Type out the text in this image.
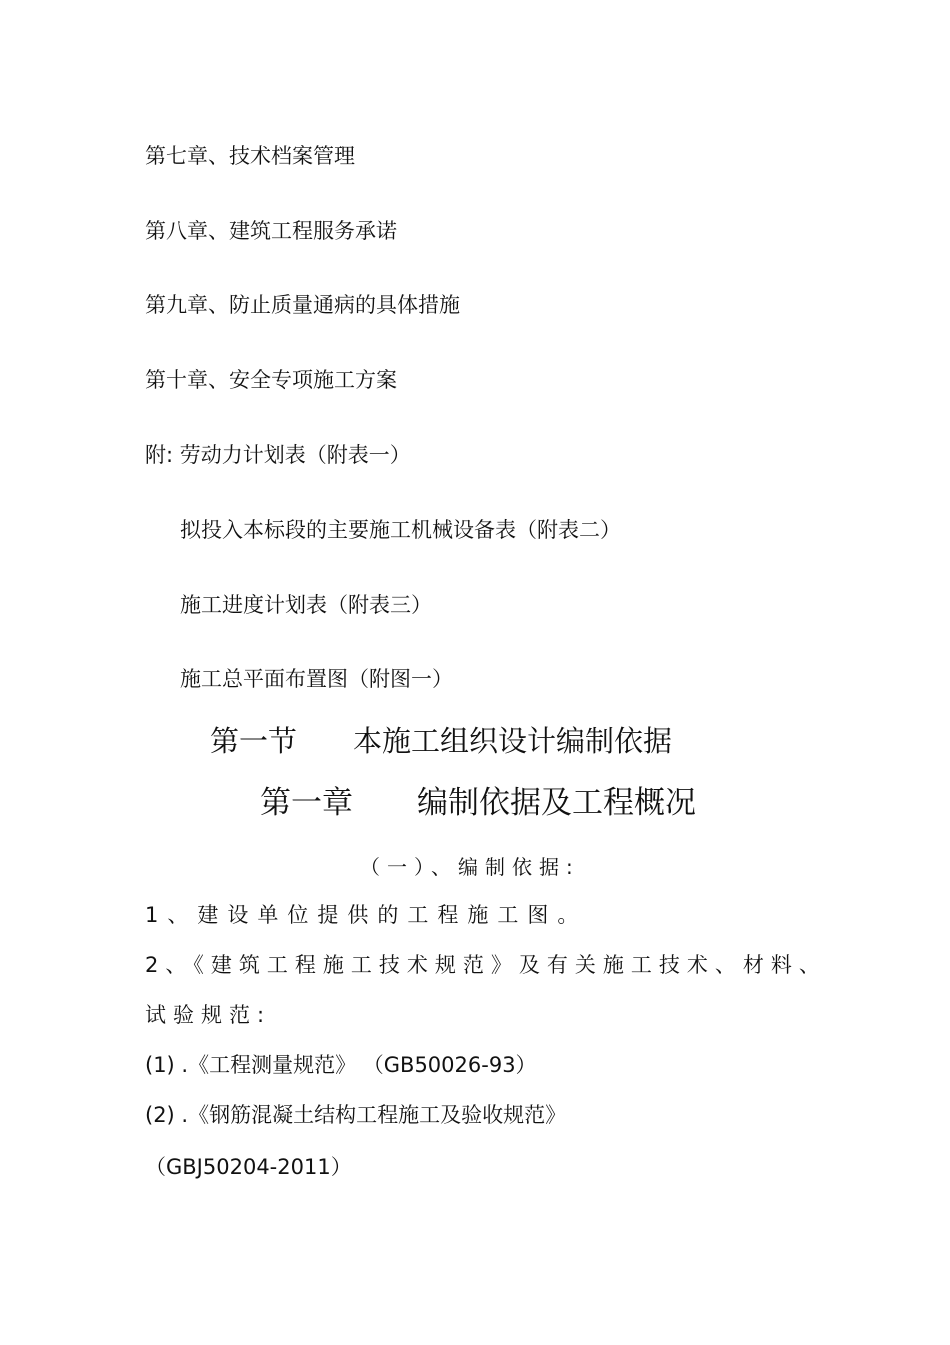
第七章、技术档案管理
第八章、建筑工程服务承诺
第九章、防止质量通病的具体措施
第十章、安全专项施工方案
附: 劳动力计划表（附表一）
拟投入本标段的主要施工机械设备表（附表二）
施工进度计划表（附表三）
施工总平面布置图（附图一）
第一节 本施工组织设计编制依据
第一章 编制依据及工程概况
（一）、编制依据:
1、建设单位提供的工程施工图。
2、《建筑工程施工技术规范》及有关施工技术、材料、
试验规范:
(1) .《工程测量规范》 （GB50026-93）
(2) .《钢筋混凝土结构工程施工及验收规范》
（GBJ50204-2011）
